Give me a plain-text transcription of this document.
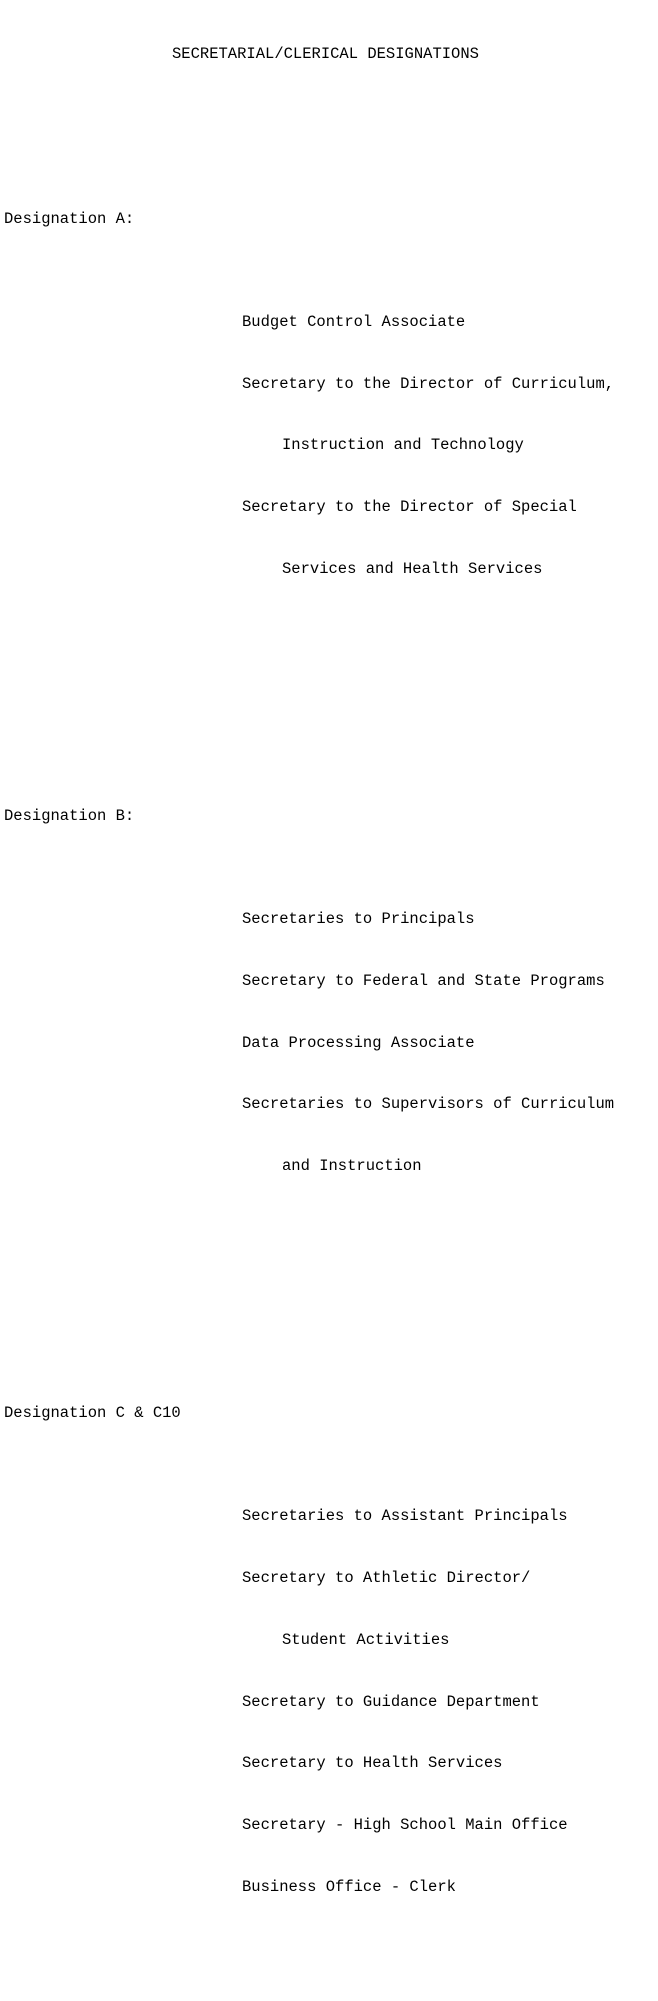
SECRETARIAL/CLERICAL DESIGNATIONS

Designation A:

Budget Control Associate

Secretary to the Director of Curriculum,

Instruction and Technology

Secretary to the Director of Special

Services and Health Services

Designation B:

Secretaries to Principals

Secretary to Federal and State Programs

Data Processing Associate

Secretaries to Supervisors of Curriculum

and Instruction

Designation C & C10

Secretaries to Assistant Principals

Secretary to Athletic Director/

Student Activities

Secretary to Guidance Department

Secretary to Health Services

Secretary - High School Main Office

Business Office - Clerk
